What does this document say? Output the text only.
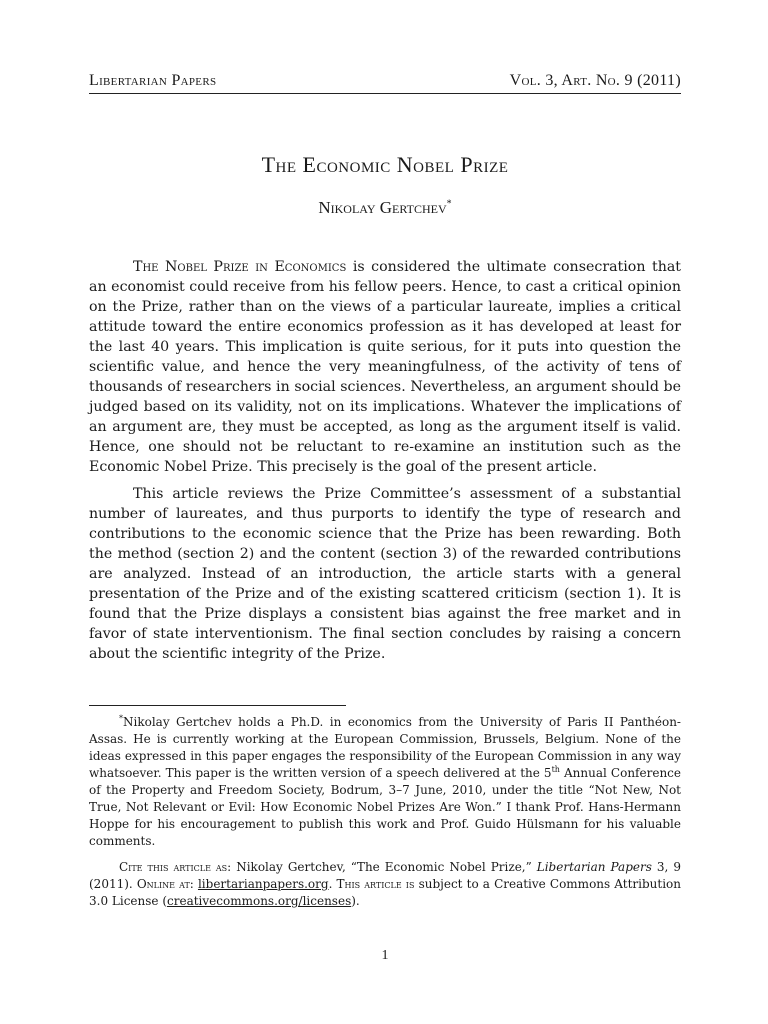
Libertarian Papers	Vol. 3, Art. No. 9 (2011)
The Economic Nobel Prize
Nikolay Gertchev*

The Nobel Prize in Economics is considered the ultimate consecration that an economist could receive from his fellow peers. Hence, to cast a critical opinion on the Prize, rather than on the views of a particular laureate, implies a critical attitude toward the entire economics profession as it has developed at least for the last 40 years. This implication is quite serious, for it puts into question the scientific value, and hence the very meaningfulness, of the activity of tens of thousands of researchers in social sciences. Nevertheless, an argument should be judged based on its validity, not on its implications. Whatever the implications of an argument are, they must be accepted, as long as the argument itself is valid. Hence, one should not be reluctant to re-examine an institution such as the Economic Nobel Prize. This precisely is the goal of the present article.

This article reviews the Prize Committee’s assessment of a substantial number of laureates, and thus purports to identify the type of research and contributions to the economic science that the Prize has been rewarding. Both the method (section 2) and the content (section 3) of the rewarded contributions are analyzed. Instead of an introduction, the article starts with a general presentation of the Prize and of the existing scattered criticism (section 1). It is found that the Prize displays a consistent bias against the free market and in favor of state interventionism. The final section concludes by raising a concern about the scientific integrity of the Prize.

*Nikolay Gertchev holds a Ph.D. in economics from the University of Paris II Panthéon-Assas. He is currently working at the European Commission, Brussels, Belgium. None of the ideas expressed in this paper engages the responsibility of the European Commission in any way whatsoever. This paper is the written version of a speech delivered at the 5th Annual Conference of the Property and Freedom Society, Bodrum, 3–7 June, 2010, under the title “Not New, Not True, Not Relevant or Evil: How Economic Nobel Prizes Are Won.” I thank Prof. Hans-Hermann Hoppe for his encouragement to publish this work and Prof. Guido Hülsmann for his valuable comments.

Cite this article as: Nikolay Gertchev, “The Economic Nobel Prize,” Libertarian Papers 3, 9 (2011). Online at: libertarianpapers.org. This article is subject to a Creative Commons Attribution 3.0 License (creativecommons.org/licenses).

1
